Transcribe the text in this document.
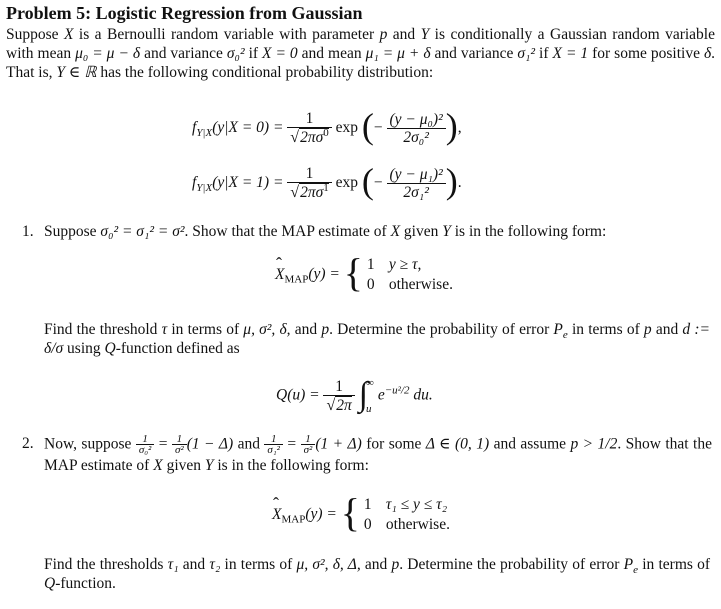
Problem 5: Logistic Regression from Gaussian

Suppose X is a Bernoulli random variable with parameter p and Y is conditionally a Gaussian random variable with mean μ₀ = μ − δ and variance σ₀² if X = 0 and mean μ₁ = μ + δ and variance σ₁² if X = 1 for some positive δ. That is, Y ∈ ℝ has the following conditional probability distribution:

$f_{Y|X}(y|X = 0) = \frac{1}{√2\pi\sigma^0}$ exp (− $\frac{\text{(y − μ₀)²}}{\text{2σ₀²}}$ ),
$f_{Y|X}(y|X = 1) = \frac{1}{√2\pi\sigma^1}$ exp (− $\frac{\text{(y − μ₁)²}}{\text{2σ₁²}}$ ).
1. Suppose σ₀² = σ₁² = σ². Show that the MAP estimate of X given Y is in the following form:
ˆ $X_{MAP}(y)$ = { 1 y ≥ τ,
0 otherwise.
Find the threshold τ in terms of μ, σ², δ, and p. Determine the probability of error $P_e$ in terms of p and d := δ/σ using Q-function defined as
$Q(u) = \frac{1}{√2\pi}$ ∫
∞
u
$e^{-u^2/2}$ du.
2. Now, suppose $\frac{1}{\text{σ₀²}} = \frac{1}{\text{σ²}} (1 - \Delta)$ and $\frac{1}{\text{σ₁²}} = \frac{1}{\text{σ²}} (1 + \Delta)$ for some Δ ∈ (0, 1) and assume p > 1/2. Show that the MAP estimate of X given Y is in the following form:
ˆ $X_{MAP}(y)$ = { 1 τ₁ ≤ y ≤ τ₂
0 otherwise.
Find the thresholds τ₁ and τ₂ in terms of μ, σ², δ, Δ, and p. Determine the probability of error $P_e$ in terms of Q-function.
